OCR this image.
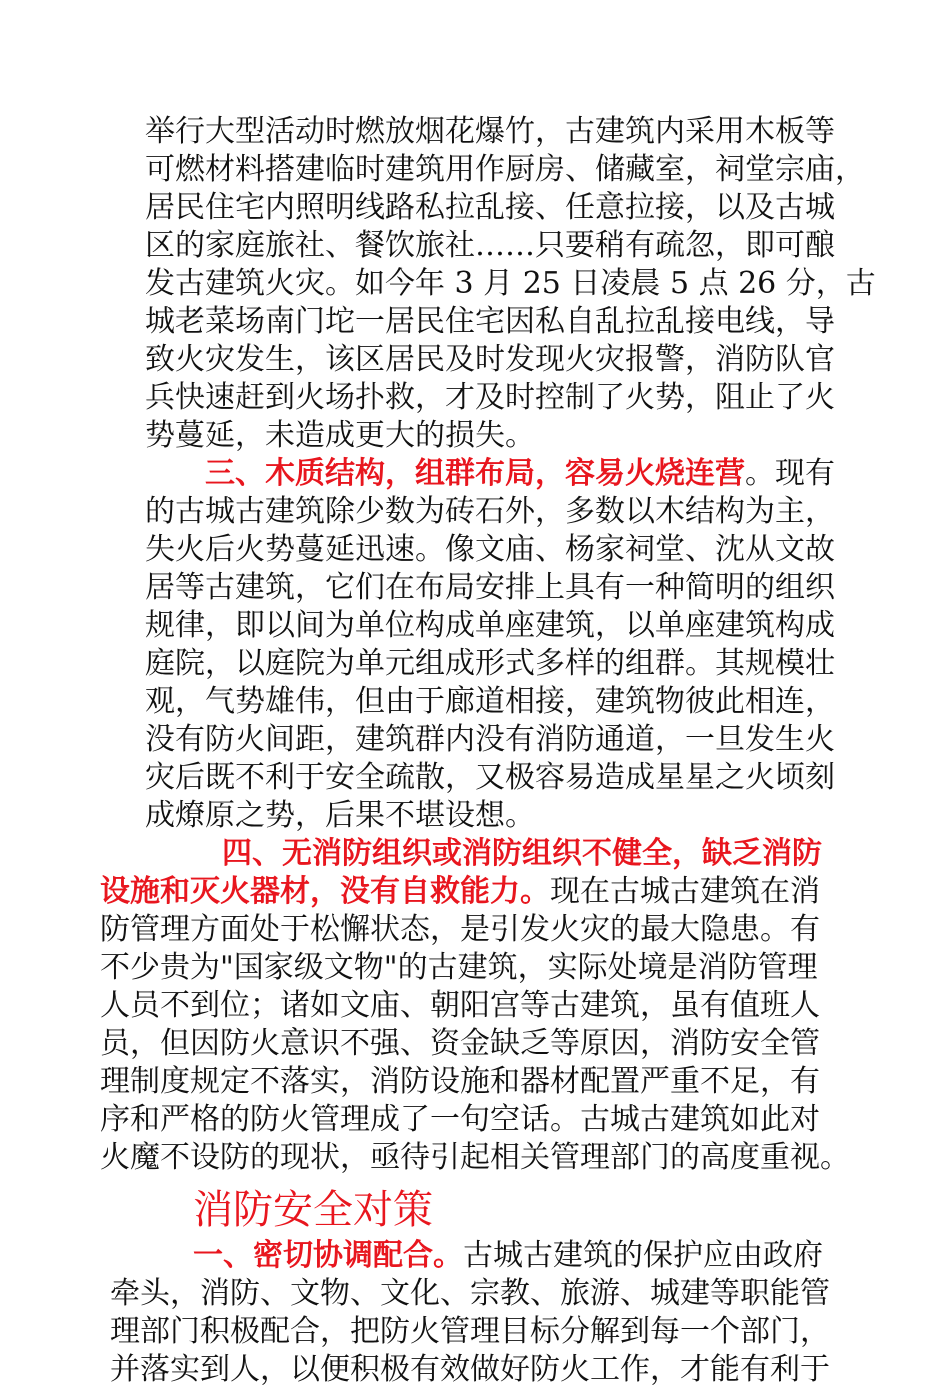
举行大型活动时燃放烟花爆竹，古建筑内采用木板等
可燃材料搭建临时建筑用作厨房、储藏室，祠堂宗庙，
居民住宅内照明线路私拉乱接、任意拉接，以及古城
区的家庭旅社、餐饮旅社……只要稍有疏忽，即可酿
发古建筑火灾。如今年 3 月 25 日凌晨 5 点 26 分，古
城老菜场南门坨一居民住宅因私自乱拉乱接电线，导
致火灾发生，该区居民及时发现火灾报警，消防队官
兵快速赶到火场扑救，才及时控制了火势，阻止了火
势蔓延，未造成更大的损失。
三、木质结构，组群布局，容易火烧连营。现有
的古城古建筑除少数为砖石外，多数以木结构为主，
失火后火势蔓延迅速。像文庙、杨家祠堂、沈从文故
居等古建筑，它们在布局安排上具有一种简明的组织
规律，即以间为单位构成单座建筑，以单座建筑构成
庭院，以庭院为单元组成形式多样的组群。其规模壮
观，气势雄伟，但由于廊道相接，建筑物彼此相连，
没有防火间距，建筑群内没有消防通道，一旦发生火
灾后既不利于安全疏散，又极容易造成星星之火顷刻
成燎原之势，后果不堪设想。
四、无消防组织或消防组织不健全，缺乏消防
设施和灭火器材，没有自救能力。现在古城古建筑在消
防管理方面处于松懈状态，是引发火灾的最大隐患。有
不少贵为"国家级文物"的古建筑，实际处境是消防管理
人员不到位；诸如文庙、朝阳宫等古建筑，虽有值班人
员，但因防火意识不强、资金缺乏等原因，消防安全管
理制度规定不落实，消防设施和器材配置严重不足，有
序和严格的防火管理成了一句空话。古城古建筑如此对
火魔不设防的现状，亟待引起相关管理部门的高度重视。
消防安全对策
一、密切协调配合。古城古建筑的保护应由政府
牵头，消防、文物、文化、宗教、旅游、城建等职能管
理部门积极配合，把防火管理目标分解到每一个部门，
并落实到人，以便积极有效做好防火工作，才能有利于
